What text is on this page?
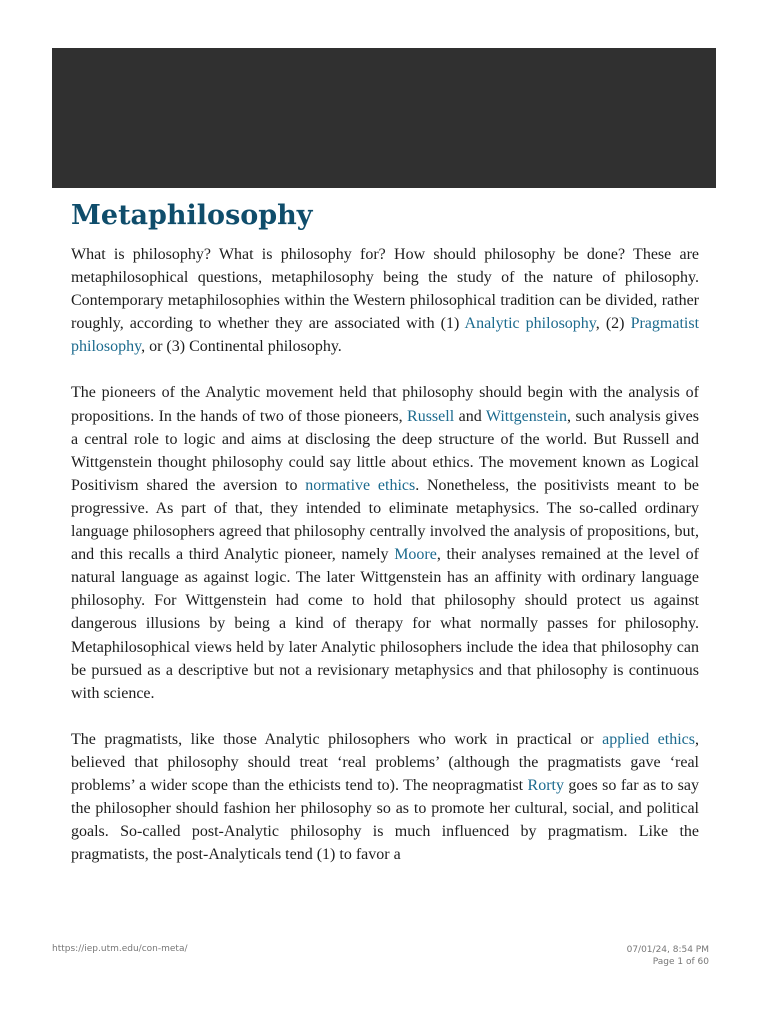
Metaphilosophy

What is philosophy? What is philosophy for? How should philosophy be done? These are metaphilosophical questions, metaphilosophy being the study of the nature of philosophy. Contemporary metaphilosophies within the Western philosophical tradition can be divided, rather roughly, according to whether they are associated with (1) Analytic philosophy, (2) Pragmatist philosophy, or (3) Continental philosophy.

The pioneers of the Analytic movement held that philosophy should begin with the analysis of propositions. In the hands of two of those pioneers, Russell and Wittgenstein, such analysis gives a central role to logic and aims at disclosing the deep structure of the world. But Russell and Wittgenstein thought philosophy could say little about ethics. The movement known as Logical Positivism shared the aversion to normative ethics. Nonetheless, the positivists meant to be progressive. As part of that, they intended to eliminate metaphysics. The so-called ordinary language philosophers agreed that philosophy centrally involved the analysis of propositions, but, and this recalls a third Analytic pioneer, namely Moore, their analyses remained at the level of natural language as against logic. The later Wittgenstein has an affinity with ordinary language philosophy. For Wittgenstein had come to hold that philosophy should protect us against dangerous illusions by being a kind of therapy for what normally passes for philosophy. Metaphilosophical views held by later Analytic philosophers include the idea that philosophy can be pursued as a descriptive but not a revisionary metaphysics and that philosophy is continuous with science.

The pragmatists, like those Analytic philosophers who work in practical or applied ethics, believed that philosophy should treat ‘real problems’ (although the pragmatists gave ‘real problems’ a wider scope than the ethicists tend to). The neopragmatist Rorty goes so far as to say the philosopher should fashion her philosophy so as to promote her cultural, social, and political goals. So-called post-Analytic philosophy is much influenced by pragmatism. Like the pragmatists, the post-Analyticals tend (1) to favor a

https://iep.utm.edu/con-meta/	07/01/24, 8:54 PM
Page 1 of 60
